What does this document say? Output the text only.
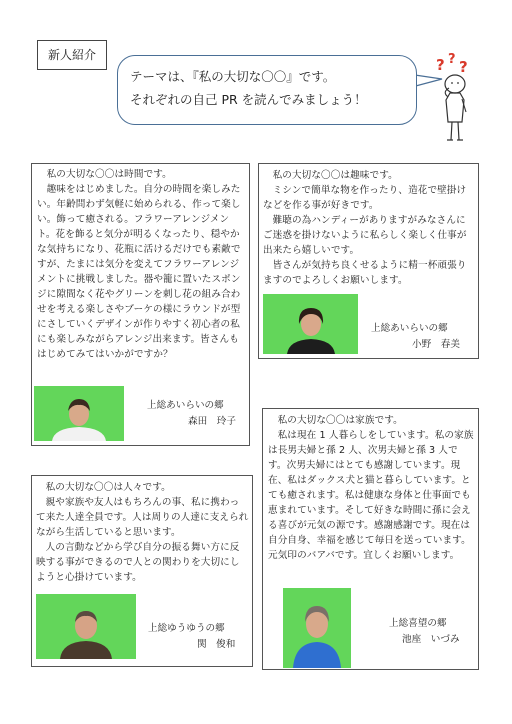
新人紹介

テーマは、『私の大切な〇〇』です。

それぞれの自己 PR を読んでみましょう！

? ? ?

私の大切な〇〇は時間です。

趣味をはじめました。自分の時間を楽しみたい。年齢問わず気軽に始められる、作って楽しい。飾って癒される。フラワーアレンジメント。花を飾ると気分が明るくなったり、穏やかな気持ちになり、花瓶に活けるだけでも素敵ですが、たまには気分を変えてフラワーアレンジメントに挑戦しました。器や籠に置いたスポンジに隙間なく花やグリーンを刺し花の組み合わせを考える楽しさやブーケの様にラウンドが型にさしていくデザインが作りやすく初心者の私にも楽しみながらアレンジ出来ます。皆さんもはじめてみてはいかがですか？

上総あいらいの郷
森田　玲子

私の大切な〇〇は趣味です。

ミシンで簡単な物を作ったり、造花で壁掛けなどを作る事が好きです。

難聴の為ハンディーがありますがみなさんにご迷惑を掛けないように私らしく楽しく仕事が出来たら嬉しいです。

皆さんが気持ち良くせるように精一杯頑張りますのでよろしくお願いします。

上総あいらいの郷
小野　春美

私の大切な〇〇は人々です。

親や家族や友人はもちろんの事、私に携わって来た人達全員です。人は周りの人達に支えられながら生活していると思います。

人の言動などから学び自分の振る舞い方に反映する事ができるので人との関わりを大切にしようと心掛けています。

上総ゆうゆうの郷
関　俊和

私の大切な〇〇は家族です。

私は現在 1 人暮らしをしています。私の家族は長男夫婦と孫 2 人、次男夫婦と孫 3 人です。次男夫婦にはとても感謝しています。現在、私はダックス犬と猫と暮らしています。とても癒されます。私は健康な身体と仕事面でも恵まれています。そして好きな時間に孫に会える喜びが元気の源です。感謝感謝です。現在は自分自身、幸福を感じて毎日を送っています。元気印のバアバです。宜しくお願いします。

上総喜望の郷
池座　いづみ
